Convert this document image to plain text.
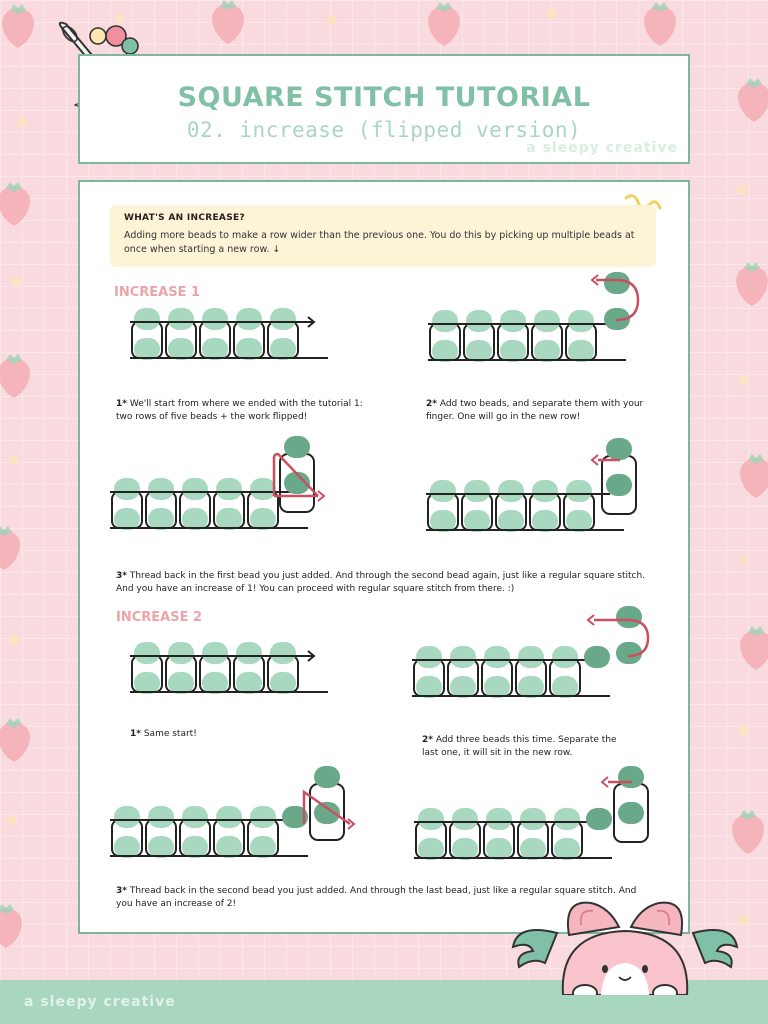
SQUARE STITCH TUTORIAL
02. increase (flipped version)
a sleepy creative
WHAT'S AN INCREASE?
Adding more beads to make a row wider than the previous one. You do this by picking up multiple beads at once when starting a new row. ↓
INCREASE 1
1* We'll start from where we ended with the tutorial 1: two rows of five beads + the work flipped!
2* Add two beads, and separate them with your finger. One will go in the new row!
3* Thread back in the first bead you just added. And through the second bead again, just like a regular square stitch. And you have an increase of 1! You can proceed with regular square stitch from there. :)
INCREASE 2
1* Same start!
2* Add three beads this time. Separate the last one, it will sit in the new row.
3* Thread back in the second bead you just added. And through the last bead, just like a regular square stitch. And you have an increase of 2!
a sleepy creative
